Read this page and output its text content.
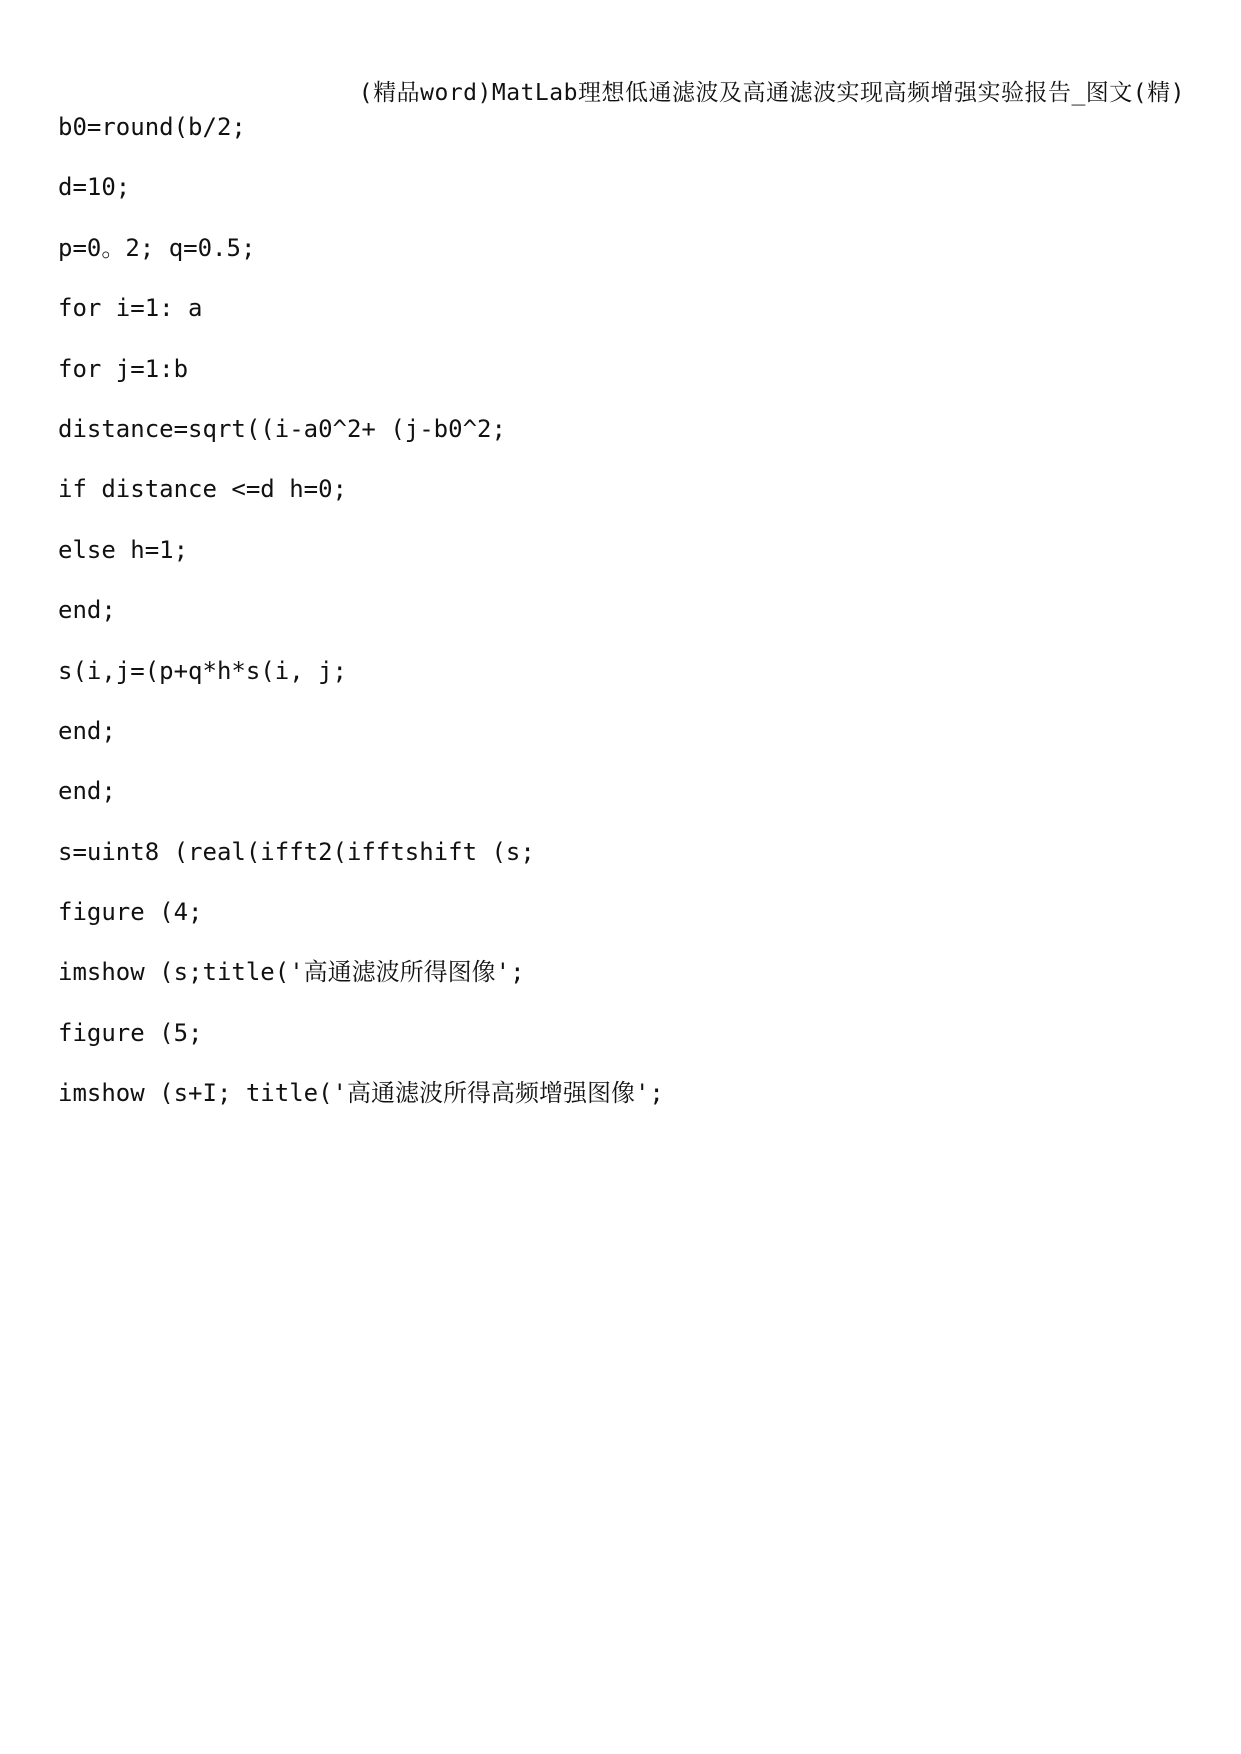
(精品word)MatLab理想低通滤波及高通滤波实现高频增强实验报告_图文(精)
b0=round(b/2;
d=10;
p=0。2; q=0.5;
for i=1: a
for j=1:b
distance=sqrt((i-a0^2+ (j-b0^2;
if distance <=d h=0;
else h=1;
end;
s(i,j=(p+q*h*s(i, j;
end;
end;
s=uint8 (real(ifft2(ifftshift (s;
figure (4;
imshow (s;title('高通滤波所得图像';
figure (5;
imshow (s+I; title('高通滤波所得高频增强图像';
